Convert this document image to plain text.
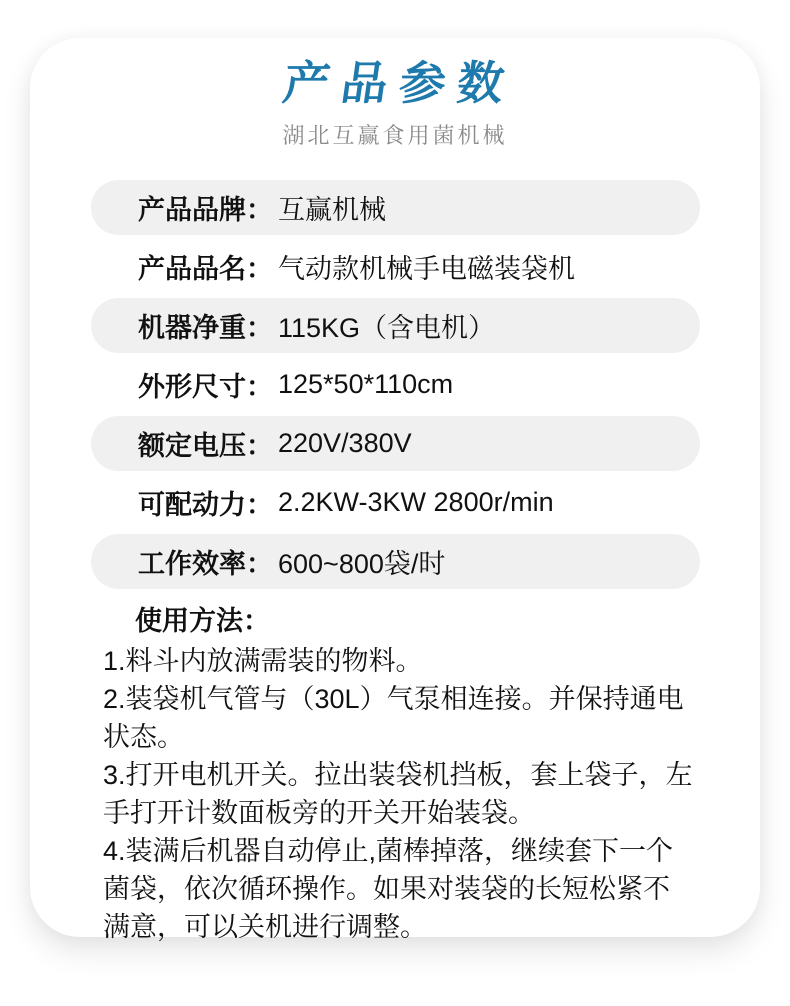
产品参数
湖北互赢食用菌机械
产品品牌： 互赢机械
产品品名： 气动款机械手电磁装袋机
机器净重： 115KG（含电机）
外形尺寸： 125*50*110cm
额定电压： 220V/380V
可配动力： 2.2KW-3KW 2800r/min
工作效率： 600~800袋/时
使用方法：

1.料斗内放满需装的物料。

2.装袋机气管与（30L）气泵相连接。并保持通电状态。

3.打开电机开关。拉出装袋机挡板，套上袋子，左手打开计数面板旁的开关开始装袋。

4.装满后机器自动停止,菌棒掉落，继续套下一个菌袋，依次循环操作。如果对装袋的长短松紧不满意，可以关机进行调整。
